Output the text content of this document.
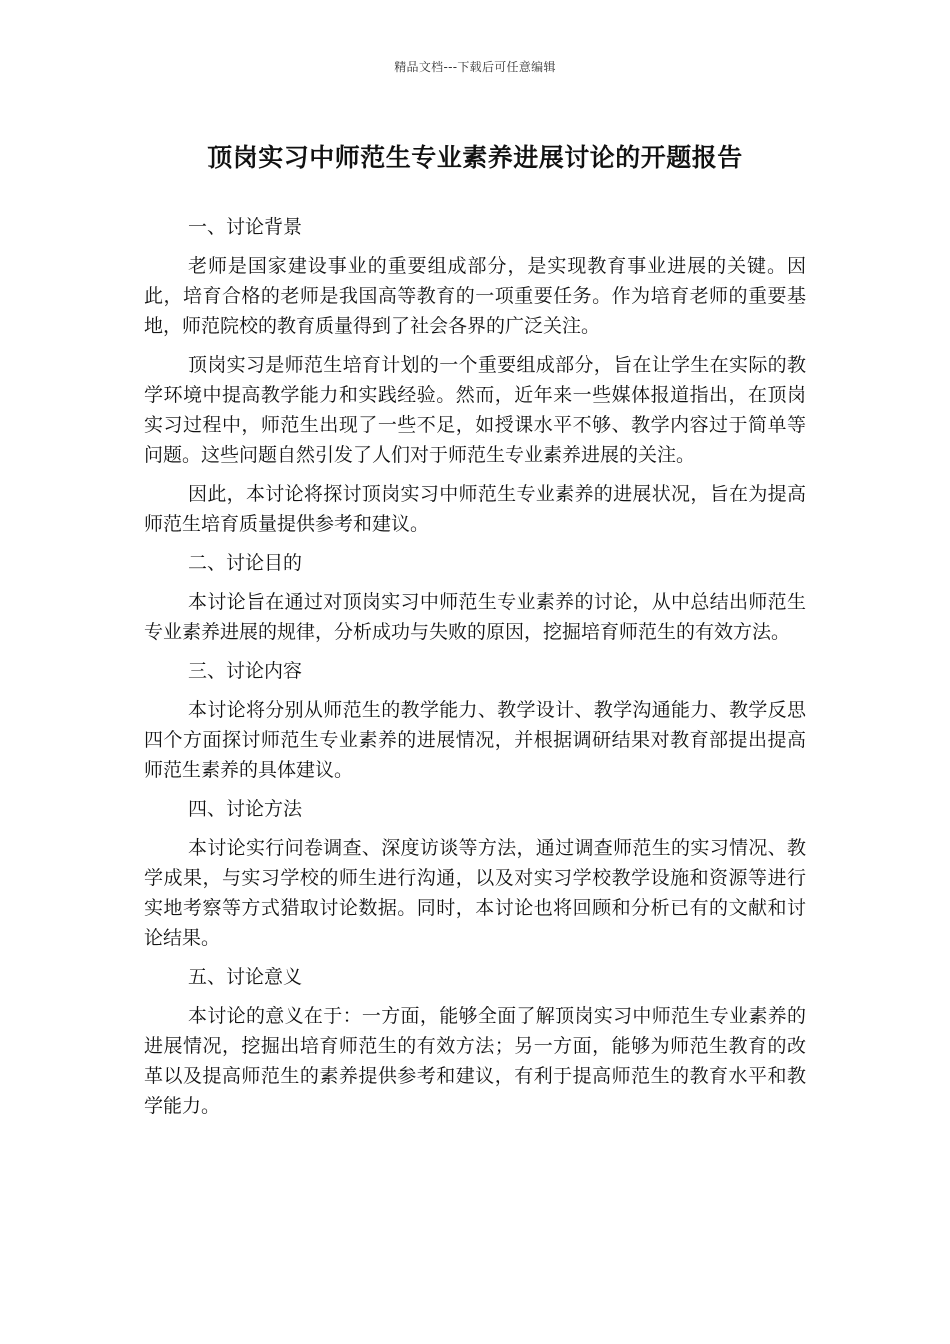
精品文档---下载后可任意编辑
顶岗实习中师范生专业素养进展讨论的开题报告

一、讨论背景

老师是国家建设事业的重要组成部分，是实现教育事业进展的关键。因此，培育合格的老师是我国高等教育的一项重要任务。作为培育老师的重要基地，师范院校的教育质量得到了社会各界的广泛关注。

顶岗实习是师范生培育计划的一个重要组成部分，旨在让学生在实际的教学环境中提高教学能力和实践经验。然而，近年来一些媒体报道指出，在顶岗实习过程中，师范生出现了一些不足，如授课水平不够、教学内容过于简单等问题。这些问题自然引发了人们对于师范生专业素养进展的关注。

因此，本讨论将探讨顶岗实习中师范生专业素养的进展状况，旨在为提高师范生培育质量提供参考和建议。

二、讨论目的

本讨论旨在通过对顶岗实习中师范生专业素养的讨论，从中总结出师范生专业素养进展的规律，分析成功与失败的原因，挖掘培育师范生的有效方法。

三、讨论内容

本讨论将分别从师范生的教学能力、教学设计、教学沟通能力、教学反思四个方面探讨师范生专业素养的进展情况，并根据调研结果对教育部提出提高师范生素养的具体建议。

四、讨论方法

本讨论实行问卷调查、深度访谈等方法，通过调查师范生的实习情况、教学成果，与实习学校的师生进行沟通，以及对实习学校教学设施和资源等进行实地考察等方式猎取讨论数据。同时，本讨论也将回顾和分析已有的文献和讨论结果。

五、讨论意义

本讨论的意义在于：一方面，能够全面了解顶岗实习中师范生专业素养的进展情况，挖掘出培育师范生的有效方法；另一方面，能够为师范生教育的改革以及提高师范生的素养提供参考和建议，有利于提高师范生的教育水平和教学能力。
